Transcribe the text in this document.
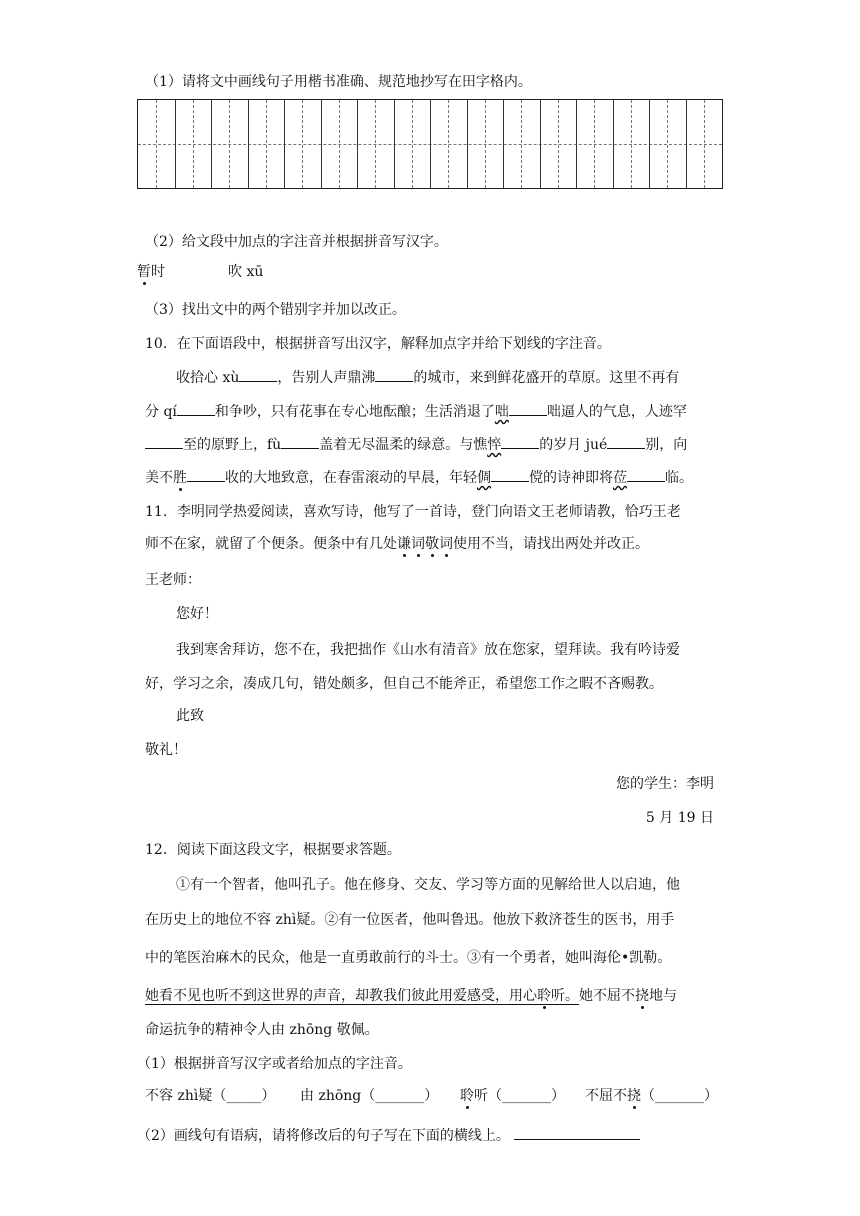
（1）请将文中画线句子用楷书准确、规范地抄写在田字格内。
（2）给文段中加点的字注音并根据拼音写汉字。
暂时	吹 xū
（3）找出文中的两个错别字并加以改正。
10．在下面语段中，根据拼音写出汉字，解释加点字并给下划线的字注音。
收拾心 xù	，告别人声鼎沸	的城市，来到鲜花盛开的草原。这里不再有
分 qí	和争吵，只有花事在专心地酝酿；生活消退了咄	咄逼人的气息，人迹罕
至的原野上，fù	盖着无尽温柔的绿意。与憔悴	的岁月 jué	别，向
美不胜	收的大地致意，在春雷滚动的早晨，年轻倜	傥的诗神即将莅	临。
11．李明同学热爱阅读，喜欢写诗，他写了一首诗，登门向语文王老师请教，恰巧王老
师不在家，就留了个便条。便条中有几处谦词敬词使用不当，请找出两处并改正。
王老师：
您好！
我到寒舍拜访，您不在，我把拙作《山水有清音》放在您家，望拜读。我有吟诗爱
好，学习之余，凑成几句，错处颇多，但自己不能斧正，希望您工作之暇不吝赐教。
此致
敬礼！
您的学生：李明
5 月 19 日
12．阅读下面这段文字，根据要求答题。
①有一个智者，他叫孔子。他在修身、交友、学习等方面的见解给世人以启迪，他
在历史上的地位不容 zhì疑。②有一位医者，他叫鲁迅。他放下救济苍生的医书，用手
中的笔医治麻木的民众，他是一直勇敢前行的斗士。③有一个勇者，她叫海伦•凯勒。
她看不见也听不到这世界的声音，却教我们彼此用爱感受，用心聆听。她不屈不挠地与
命运抗争的精神令人由 zhōng 敬佩。
（1）根据拼音写汉字或者给加点的字注音。
不容 zhì疑（_____） 由 zhōng（_______） 聆听（_______） 不屈不挠（_______）
（2）画线句有语病，请将修改后的句子写在下面的横线上。
